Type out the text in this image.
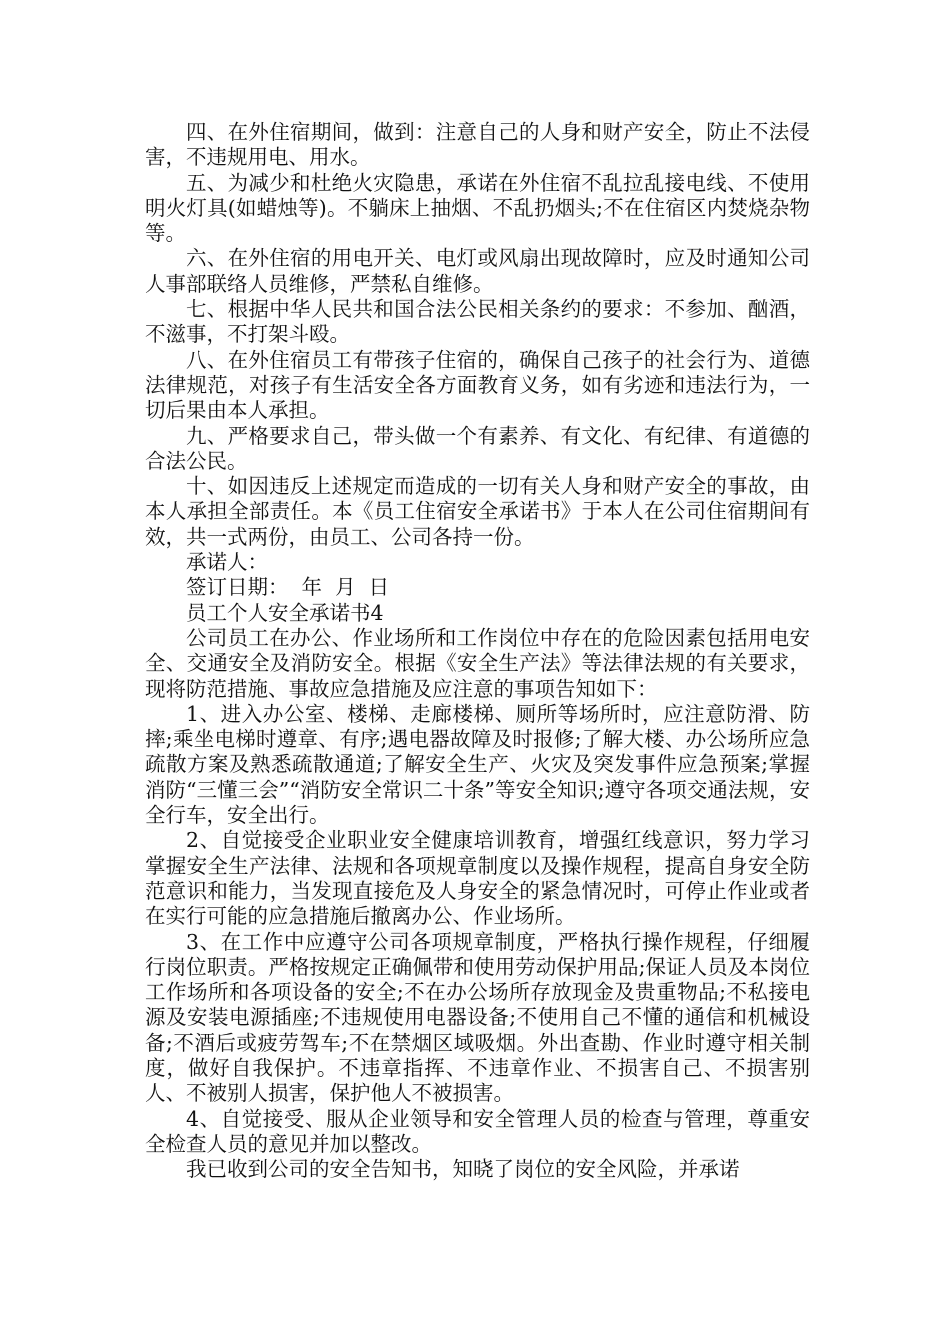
四、在外住宿期间，做到：注意自己的人身和财产安全，防止不法侵害，不违规用电、用水。

五、为减少和杜绝火灾隐患，承诺在外住宿不乱拉乱接电线、不使用明火灯具(如蜡烛等)。不躺床上抽烟、不乱扔烟头;不在住宿区内焚烧杂物等。

六、在外住宿的用电开关、电灯或风扇出现故障时，应及时通知公司人事部联络人员维修，严禁私自维修。

七、根据中华人民共和国合法公民相关条约的要求：不参加、酗酒，不滋事，不打架斗殴。

八、在外住宿员工有带孩子住宿的，确保自己孩子的社会行为、道德法律规范，对孩子有生活安全各方面教育义务，如有劣迹和违法行为，一切后果由本人承担。

九、严格要求自己，带头做一个有素养、有文化、有纪律、有道德的合法公民。

十、如因违反上述规定而造成的一切有关人身和财产安全的事故，由本人承担全部责任。本《员工住宿安全承诺书》于本人在公司住宿期间有效，共一式两份，由员工、公司各持一份。

承诺人：

签订日期：  年  月  日

员工个人安全承诺书4

公司员工在办公、作业场所和工作岗位中存在的危险因素包括用电安全、交通安全及消防安全。根据《安全生产法》等法律法规的有关要求，现将防范措施、事故应急措施及应注意的事项告知如下：

1、进入办公室、楼梯、走廊楼梯、厕所等场所时，应注意防滑、防摔;乘坐电梯时遵章、有序;遇电器故障及时报修;了解大楼、办公场所应急疏散方案及熟悉疏散通道;了解安全生产、火灾及突发事件应急预案;掌握消防“三懂三会”“消防安全常识二十条”等安全知识;遵守各项交通法规，安全行车，安全出行。

2、自觉接受企业职业安全健康培训教育，增强红线意识，努力学习掌握安全生产法律、法规和各项规章制度以及操作规程，提高自身安全防范意识和能力，当发现直接危及人身安全的紧急情况时，可停止作业或者在实行可能的应急措施后撤离办公、作业场所。

3、在工作中应遵守公司各项规章制度，严格执行操作规程，仔细履行岗位职责。严格按规定正确佩带和使用劳动保护用品;保证人员及本岗位工作场所和各项设备的安全;不在办公场所存放现金及贵重物品;不私接电源及安装电源插座;不违规使用电器设备;不使用自己不懂的通信和机械设备;不酒后或疲劳驾车;不在禁烟区域吸烟。外出查勘、作业时遵守相关制度，做好自我保护。不违章指挥、不违章作业、不损害自己、不损害别人、不被别人损害，保护他人不被损害。

4、自觉接受、服从企业领导和安全管理人员的检查与管理，尊重安全检查人员的意见并加以整改。

我已收到公司的安全告知书，知晓了岗位的安全风险，并承诺
